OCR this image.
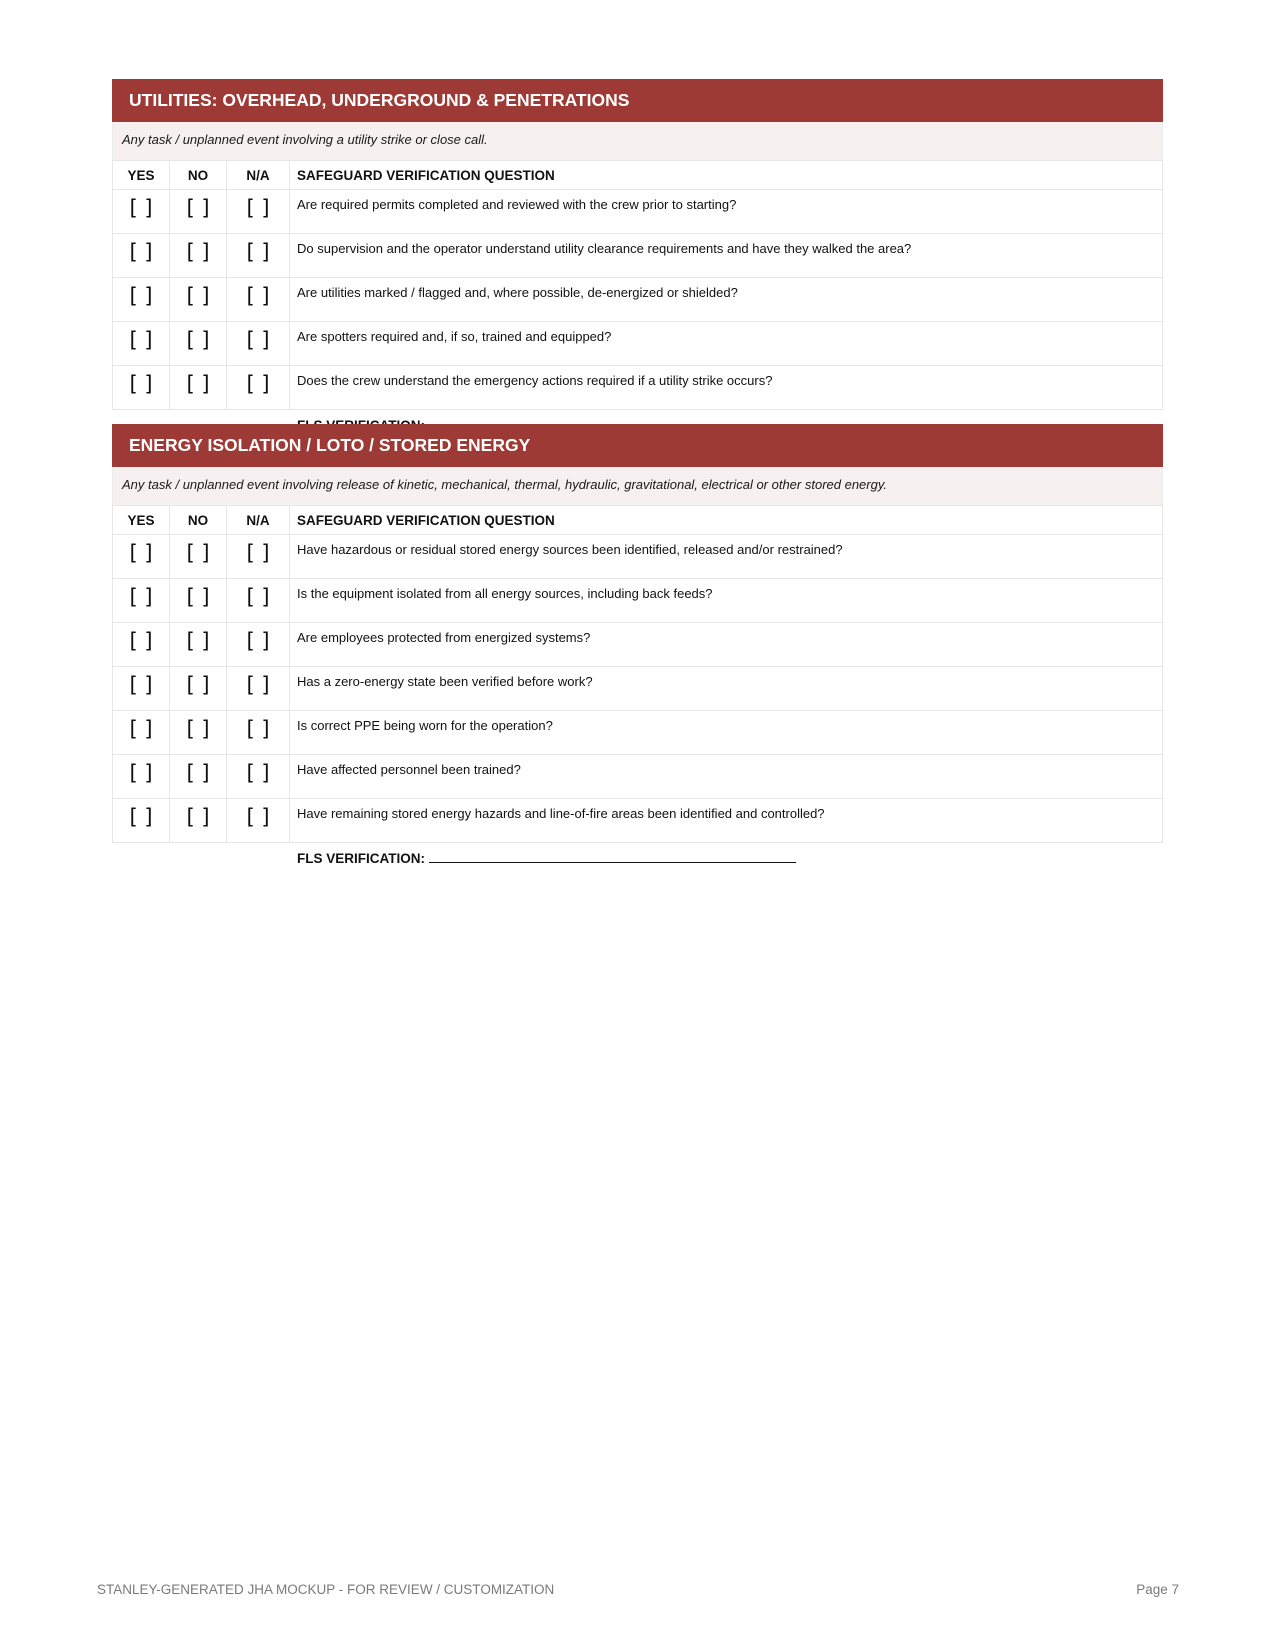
UTILITIES: OVERHEAD, UNDERGROUND & PENETRATIONS
Any task / unplanned event involving a utility strike or close call.
YES	NO	N/A	SAFEGUARD VERIFICATION QUESTION
[ ]	[ ]	[ ]	Are required permits completed and reviewed with the crew prior to starting?
[ ]	[ ]	[ ]	Do supervision and the operator understand utility clearance requirements and have they walked the area?
[ ]	[ ]	[ ]	Are utilities marked / flagged and, where possible, de-energized or shielded?
[ ]	[ ]	[ ]	Are spotters required and, if so, trained and equipped?
[ ]	[ ]	[ ]	Does the crew understand the emergency actions required if a utility strike occurs?
ENERGY ISOLATION / LOTO / STORED ENERGY
Any task / unplanned event involving release of kinetic, mechanical, thermal, hydraulic, gravitational, electrical or other stored energy.
YES	NO	N/A	SAFEGUARD VERIFICATION QUESTION
[ ]	[ ]	[ ]	Have hazardous or residual stored energy sources been identified, released and/or restrained?
[ ]	[ ]	[ ]	Is the equipment isolated from all energy sources, including back feeds?
[ ]	[ ]	[ ]	Are employees protected from energized systems?
[ ]	[ ]	[ ]	Has a zero-energy state been verified before work?
[ ]	[ ]	[ ]	Is correct PPE being worn for the operation?
[ ]	[ ]	[ ]	Have affected personnel been trained?
[ ]	[ ]	[ ]	Have remaining stored energy hazards and line-of-fire areas been identified and controlled?
FLS VERIFICATION:
STANLEY-GENERATED JHA MOCKUP - FOR REVIEW / CUSTOMIZATION	Page 7
